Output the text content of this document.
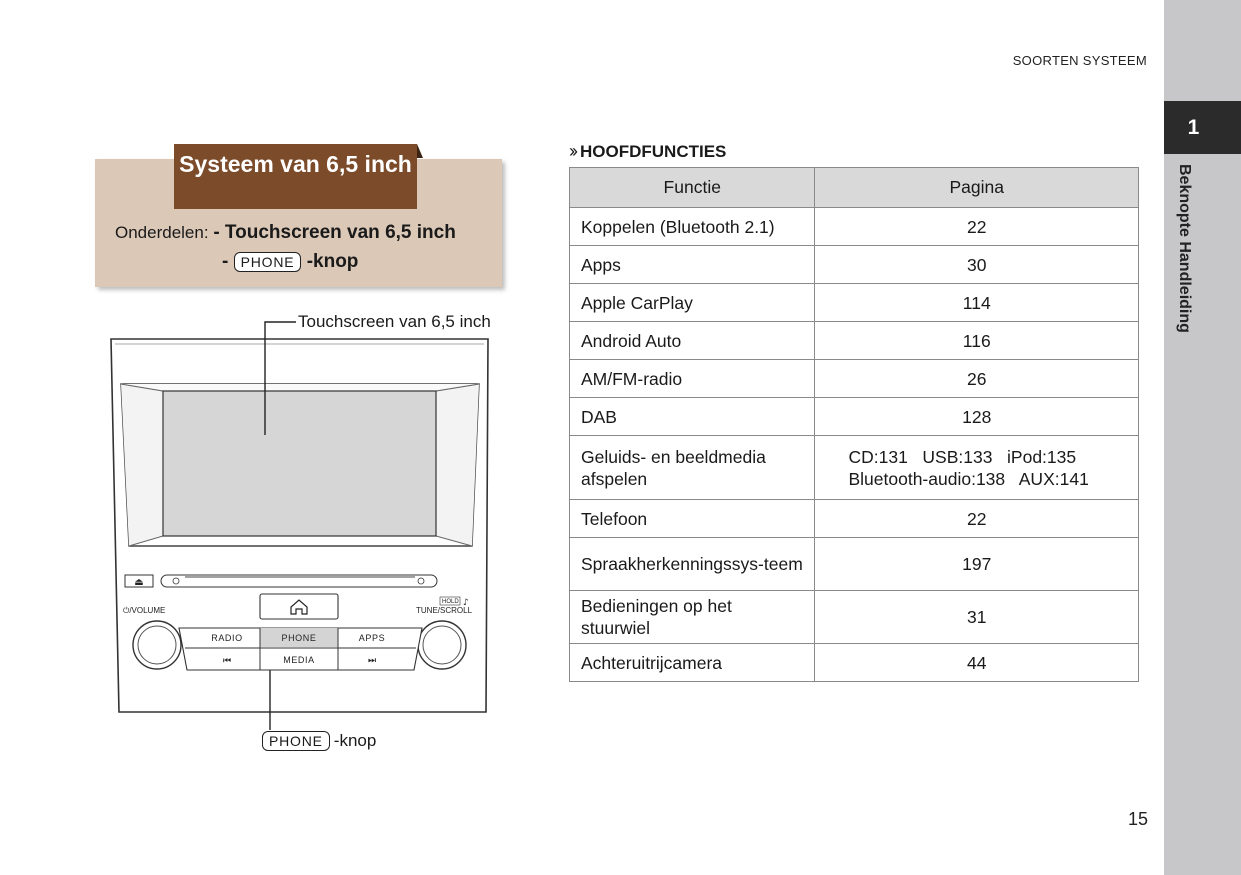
1
Beknopte Handleiding
SOORTEN SYSTEEM
Systeem van 6,5 inch
Onderdelen: - Touchscreen van 6,5 inch
-
PHONE
-knop
⏏
⏻/VOLUME
HOLD ♪
TUNE/SCROLL
RADIO	PHONE	APPS
⏮	MEDIA	⏭
Touchscreen van 6,5 inch
PHONE -knop
›› HOOFDFUNCTIES
Functie	Pagina
Koppelen (Bluetooth 2.1)	22
Apps	30
Apple CarPlay	114
Android Auto	116
AM/FM-radio	26
DAB	128
Geluids- en beeldmedia afspelen	CD:131   USB:133   iPod:135
Bluetooth-audio:138   AUX:141

Telefoon	22
Spraakherkenningssys-teem	197
Bedieningen op het stuurwiel	31
Achteruitrijcamera	44
15
